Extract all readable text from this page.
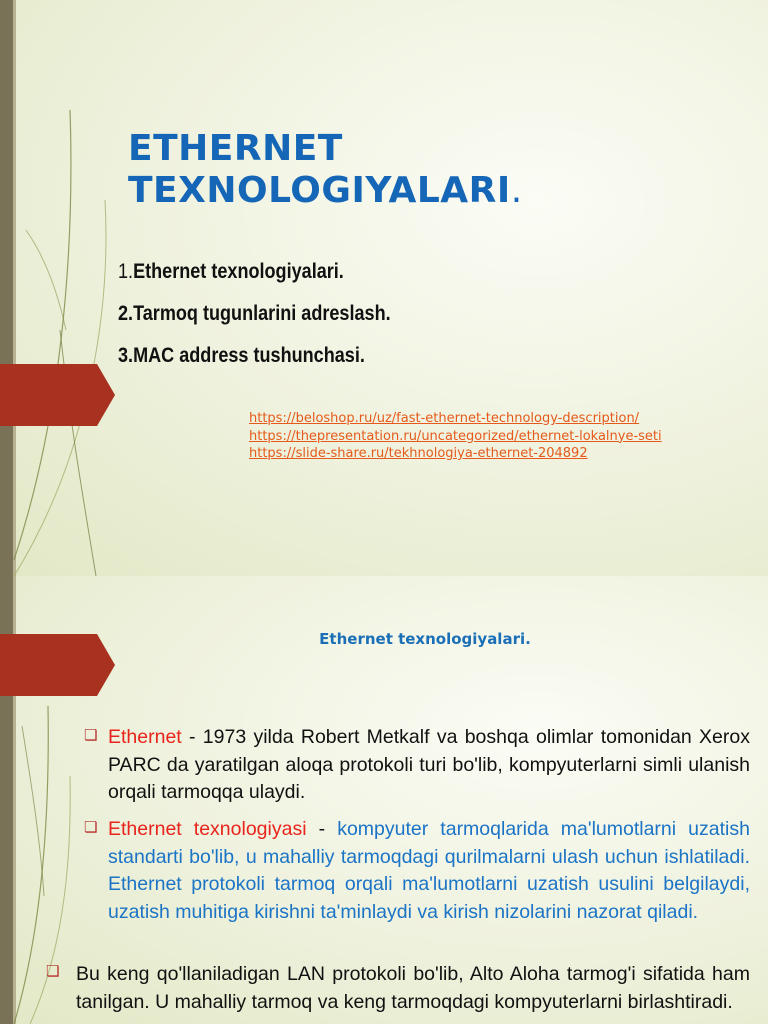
ETHERNET
TEXNOLOGIYALARI.
1.Ethernet texnologiyalari.
2.Tarmoq tugunlarini adreslash.
3.MAC address tushunchasi.
https://beloshop.ru/uz/fast-ethernet-technology-description/
https://thepresentation.ru/uncategorized/ethernet-lokalnye-seti
https://slide-share.ru/tekhnologiya-ethernet-204892
Ethernet texnologiyalari.
❏ Ethernet - 1973 yilda Robert Metkalf va boshqa olimlar tomonidan Xerox PARC da yaratilgan aloqa protokoli turi bo'lib, kompyuterlarni simli ulanish orqali tarmoqqa ulaydi.

❏ Ethernet texnologiyasi - kompyuter tarmoqlarida ma'lumotlarni uzatish standarti bo'lib, u mahalliy tarmoqdagi qurilmalarni ulash uchun ishlatiladi. Ethernet protokoli tarmoq orqali ma'lumotlarni uzatish usulini belgilaydi, uzatish muhitiga kirishni ta'minlaydi va kirish nizolarini nazorat qiladi.

❏ Bu keng qo'llaniladigan LAN protokoli bo'lib, Alto Aloha tarmog'i sifatida ham tanilgan. U mahalliy tarmoq va keng tarmoqdagi kompyuterlarni birlashtiradi.
